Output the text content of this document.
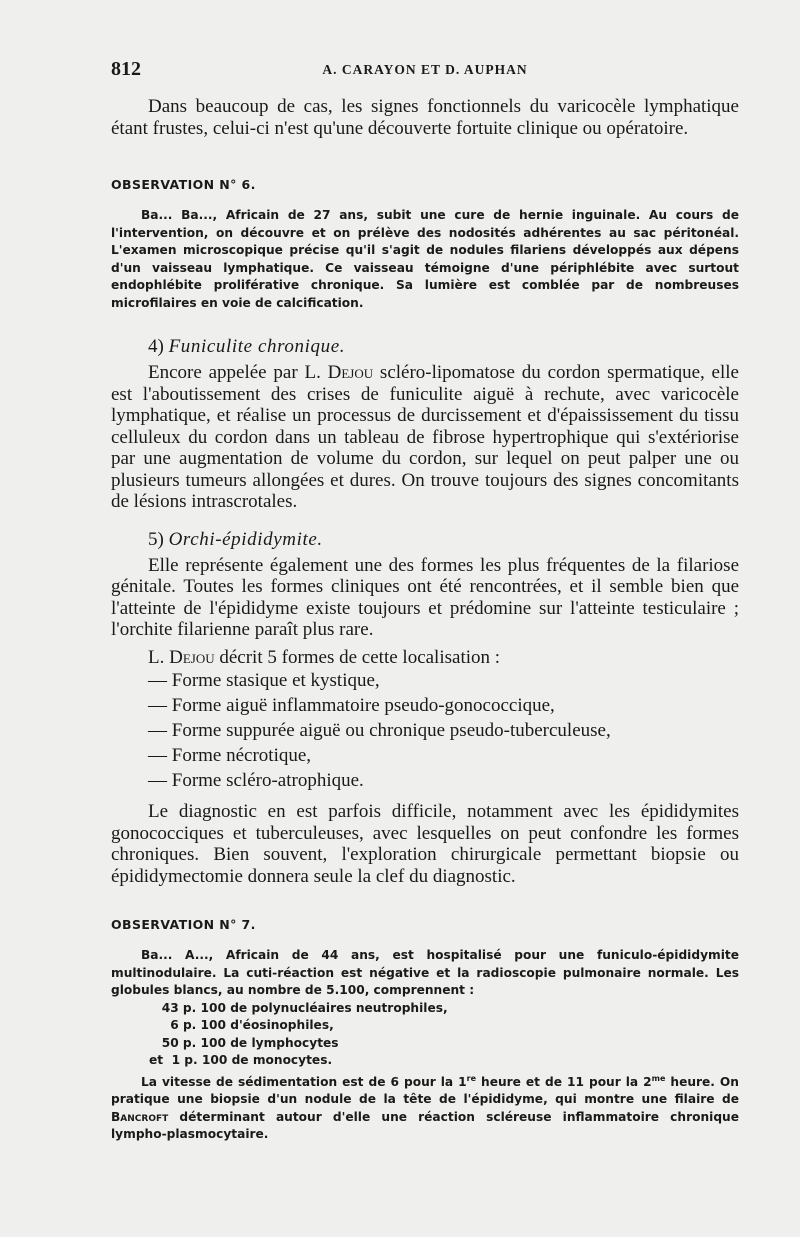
812	A. CARAYON ET D. AUPHAN

Dans beaucoup de cas, les signes fonctionnels du varicocèle lymphatique étant frustes, celui-ci n'est qu'une découverte fortuite clinique ou opératoire.

OBSERVATION N° 6.

Ba... Ba..., Africain de 27 ans, subit une cure de hernie inguinale. Au cours de l'intervention, on découvre et on prélève des nodosités adhérentes au sac péritonéal. L'examen microscopique précise qu'il s'agit de nodules filariens développés aux dépens d'un vaisseau lymphatique. Ce vaisseau témoigne d'une périphlébite avec surtout endophlébite proliférative chronique. Sa lumière est comblée par de nombreuses microfilaires en voie de calcification.

4) Funiculite chronique.

Encore appelée par L. Dejou scléro-lipomatose du cordon spermatique, elle est l'aboutissement des crises de funiculite aiguë à rechute, avec varicocèle lymphatique, et réalise un processus de durcissement et d'épaississement du tissu celluleux du cordon dans un tableau de fibrose hypertrophique qui s'extériorise par une augmentation de volume du cordon, sur lequel on peut palper une ou plusieurs tumeurs allongées et dures. On trouve toujours des signes concomitants de lésions intrascrotales.

5) Orchi-épididymite.

Elle représente également une des formes les plus fréquentes de la filariose génitale. Toutes les formes cliniques ont été rencontrées, et il semble bien que l'atteinte de l'épididyme existe toujours et prédomine sur l'atteinte testiculaire ; l'orchite filarienne paraît plus rare.

L. Dejou décrit 5 formes de cette localisation :

— Forme stasique et kystique,
— Forme aiguë inflammatoire pseudo-gonococcique,
— Forme suppurée aiguë ou chronique pseudo-tuberculeuse,
— Forme nécrotique,
— Forme scléro-atrophique.

Le diagnostic en est parfois difficile, notamment avec les épididymites gonococciques et tuberculeuses, avec lesquelles on peut confondre les formes chroniques. Bien souvent, l'exploration chirurgicale permettant biopsie ou épididymectomie donnera seule la clef du diagnostic.

OBSERVATION N° 7.

Ba... A..., Africain de 44 ans, est hospitalisé pour une funiculo-épididymite multinodulaire. La cuti-réaction est négative et la radioscopie pulmonaire normale. Les globules blancs, au nombre de 5.100, comprennent :

43 p. 100 de polynucléaires neutrophiles,
6 p. 100 d'éosinophiles,
50 p. 100 de lymphocytes
et  1 p. 100 de monocytes.

La vitesse de sédimentation est de 6 pour la 1re heure et de 11 pour la $2^{me}$ heure. On pratique une biopsie d'un nodule de la tête de l'épididyme, qui montre une filaire de Bancroft déterminant autour d'elle une réaction scléreuse inflammatoire chronique lympho-plasmocytaire.
